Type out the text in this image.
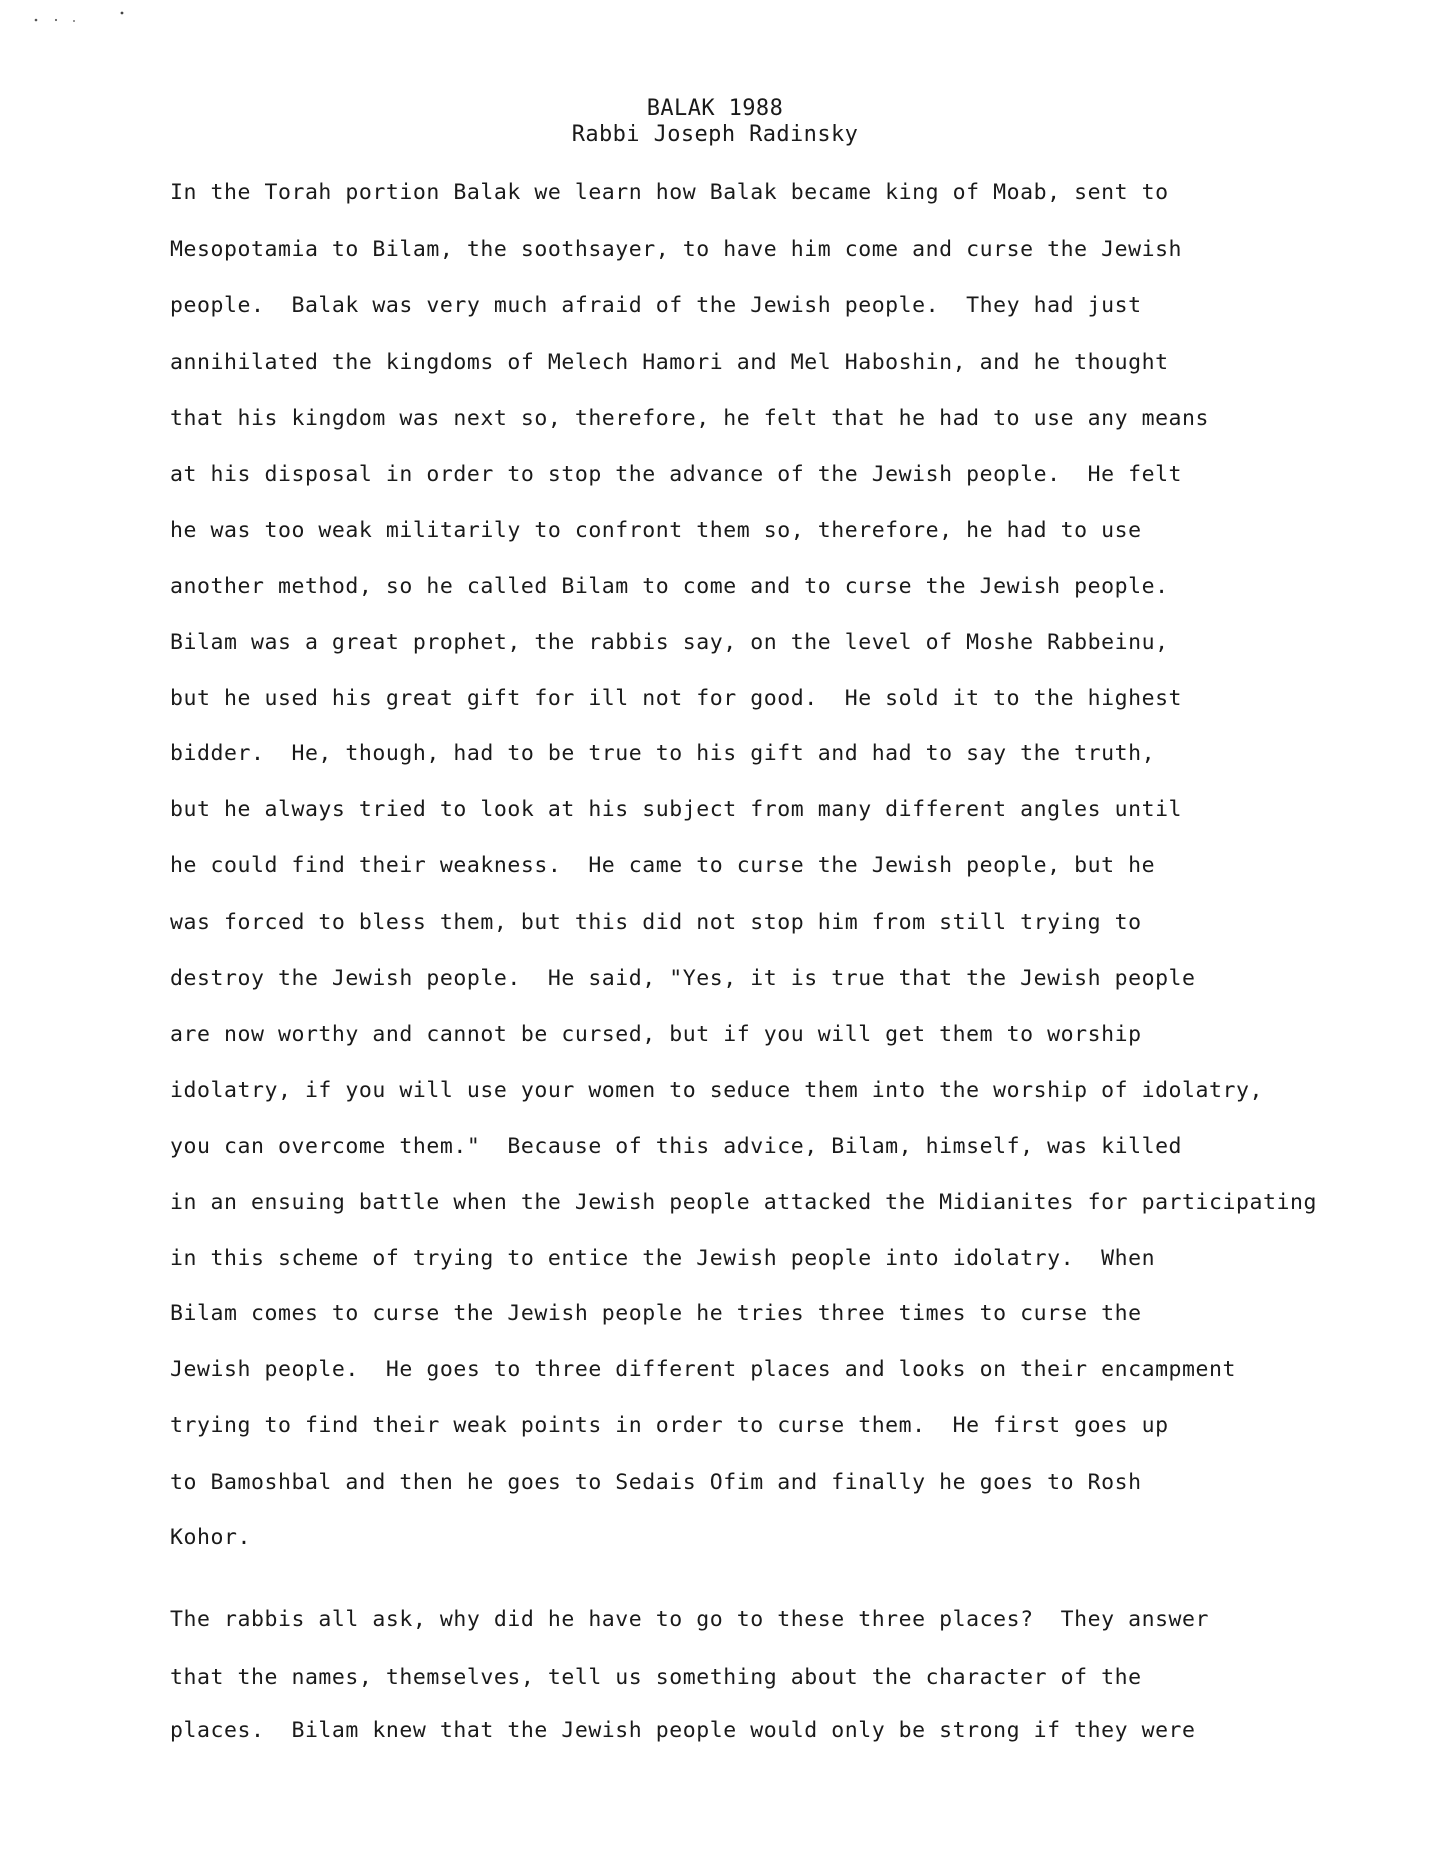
BALAK 1988
Rabbi Joseph Radinsky
In the Torah portion Balak we learn how Balak became king of Moab, sent to
Mesopotamia to Bilam, the soothsayer, to have him come and curse the Jewish
people.  Balak was very much afraid of the Jewish people.  They had just
annihilated the kingdoms of Melech Hamori and Mel Haboshin, and he thought
that his kingdom was next so, therefore, he felt that he had to use any means
at his disposal in order to stop the advance of the Jewish people.  He felt
he was too weak militarily to confront them so, therefore, he had to use
another method, so he called Bilam to come and to curse the Jewish people.
Bilam was a great prophet, the rabbis say, on the level of Moshe Rabbeinu,
but he used his great gift for ill not for good.  He sold it to the highest
bidder.  He, though, had to be true to his gift and had to say the truth,
but he always tried to look at his subject from many different angles until
he could find their weakness.  He came to curse the Jewish people, but he
was forced to bless them, but this did not stop him from still trying to
destroy the Jewish people.  He said, "Yes, it is true that the Jewish people
are now worthy and cannot be cursed, but if you will get them to worship
idolatry, if you will use your women to seduce them into the worship of idolatry,
you can overcome them."  Because of this advice, Bilam, himself, was killed
in an ensuing battle when the Jewish people attacked the Midianites for participating
in this scheme of trying to entice the Jewish people into idolatry.  When
Bilam comes to curse the Jewish people he tries three times to curse the
Jewish people.  He goes to three different places and looks on their encampment
trying to find their weak points in order to curse them.  He first goes up
to Bamoshbal and then he goes to Sedais Ofim and finally he goes to Rosh
Kohor.
The rabbis all ask, why did he have to go to these three places?  They answer
that the names, themselves, tell us something about the character of the
places.  Bilam knew that the Jewish people would only be strong if they were
